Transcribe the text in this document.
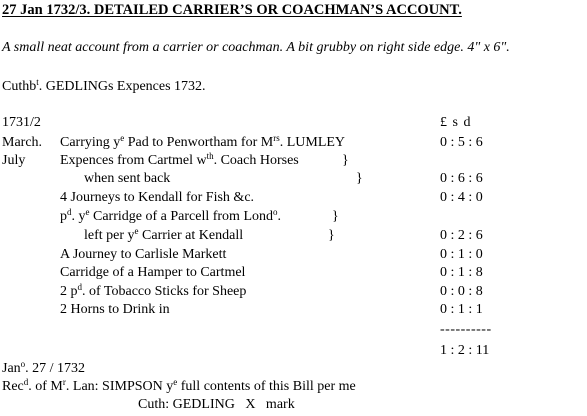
27 Jan 1732/3. DETAILED CARRIER’S OR COACHMAN’S ACCOUNT.
A small neat account from a carrier or coachman. A bit grubby on right side edge. 4" x 6".
Cuthb$^t$. GEDLINGs Expences 1732.
1731/2	£ s d
March. Carrying $y^e$ Pad to Penwortham for $M^{rs}$. LUMLEY	0 : 5 : 6
July Expences from Cartmel $w^{th}$. Coach Horses	}
when sent back	}	0 : 6 : 6
4 Journeys to Kendall for Fish &c.	0 : 4 : 0
$p^d$. $y^e$ Carridge of a Parcell from Lond$^o$.	}
left per $y^e$ Carrier at Kendall	}	0 : 2 : 6
A Journey to Carlisle Markett	0 : 1 : 0
Carridge of a Hamper to Cartmel	0 : 1 : 8
2 $p^d$. of Tobacco Sticks for Sheep	0 : 0 : 8
2 Horns to Drink in	0 : 1 : 1
----------
1 : 2 : 11
Jan$^o$. 27 / 1732
Rec$^d$. of $M^r$. Lan: SIMPSON $y^e$ full contents of this Bill per me
Cuth: GEDLING   X   mark
